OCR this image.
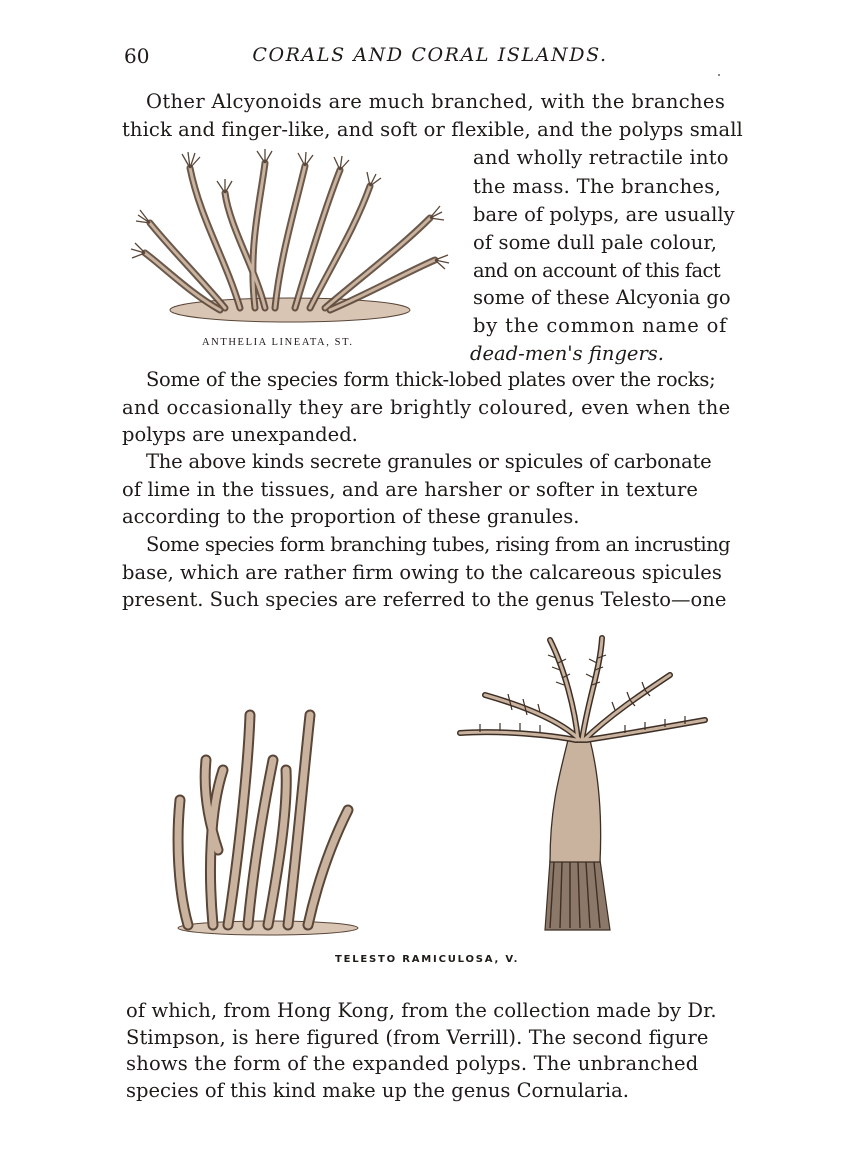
60	CORALS AND CORAL ISLANDS.
Other Alcyonoids are much branched, with the branches
thick and finger-like, and soft or flexible, and the polyps small
and wholly retractile into
the mass. The branches,
bare of polyps, are usually
of some dull pale colour,
and on account of this fact
some of these Alcyonia go
by the common name of
dead-men's fingers.
Some of the species form thick-lobed plates over the rocks;
and occasionally they are brightly coloured, even when the
polyps are unexpanded.
The above kinds secrete granules or spicules of carbonate
of lime in the tissues, and are harsher or softer in texture
according to the proportion of these granules.
Some species form branching tubes, rising from an incrusting
base, which are rather firm owing to the calcareous spicules
present. Such species are referred to the genus Telesto—one
of which, from Hong Kong, from the collection made by Dr.
Stimpson, is here figured (from Verrill). The second figure
shows the form of the expanded polyps. The unbranched
species of this kind make up the genus Cornularia.
ANTHELIA LINEATA, ST.
TELESTO RAMICULOSA, V.
